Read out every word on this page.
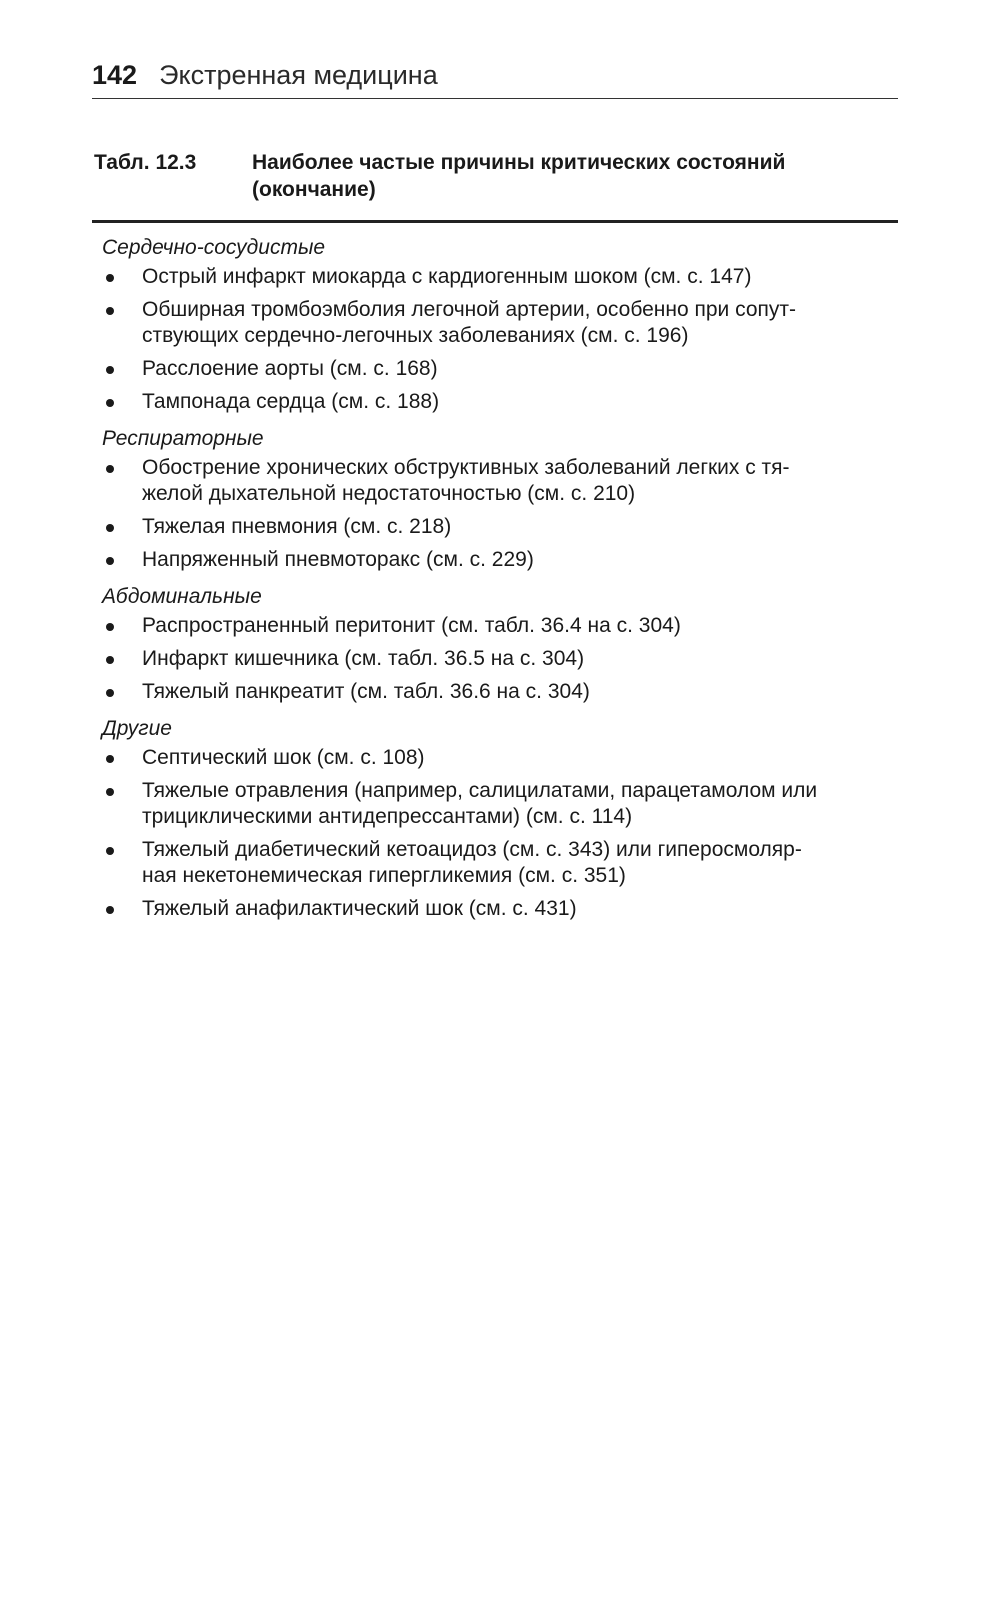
142 Экстренная медицина
Табл. 12.3	Наиболее частые причины критических состояний
(окончание)
Сердечно-сосудистые
Острый инфаркт миокарда с кардиогенным шоком (см. с. 147)
Обширная тромбоэмболия легочной артерии, особенно при сопут-
ствующих сердечно-легочных заболеваниях (см. с. 196)
Расслоение аорты (см. с. 168)
Тампонада сердца (см. с. 188)
Респираторные
Обострение хронических обструктивных заболеваний легких с тя-
желой дыхательной недостаточностью (см. с. 210)
Тяжелая пневмония (см. с. 218)
Напряженный пневмоторакс (см. с. 229)
Абдоминальные
Распространенный перитонит (см. табл. 36.4 на с. 304)
Инфаркт кишечника (см. табл. 36.5 на с. 304)
Тяжелый панкреатит (см. табл. 36.6 на с. 304)
Другие
Септический шок (см. с. 108)
Тяжелые отравления (например, салицилатами, парацетамолом или
трициклическими антидепрессантами) (см. с. 114)
Тяжелый диабетический кетоацидоз (см. с. 343) или гиперосмоляр-
ная некетонемическая гипергликемия (см. с. 351)
Тяжелый анафилактический шок (см. с. 431)
